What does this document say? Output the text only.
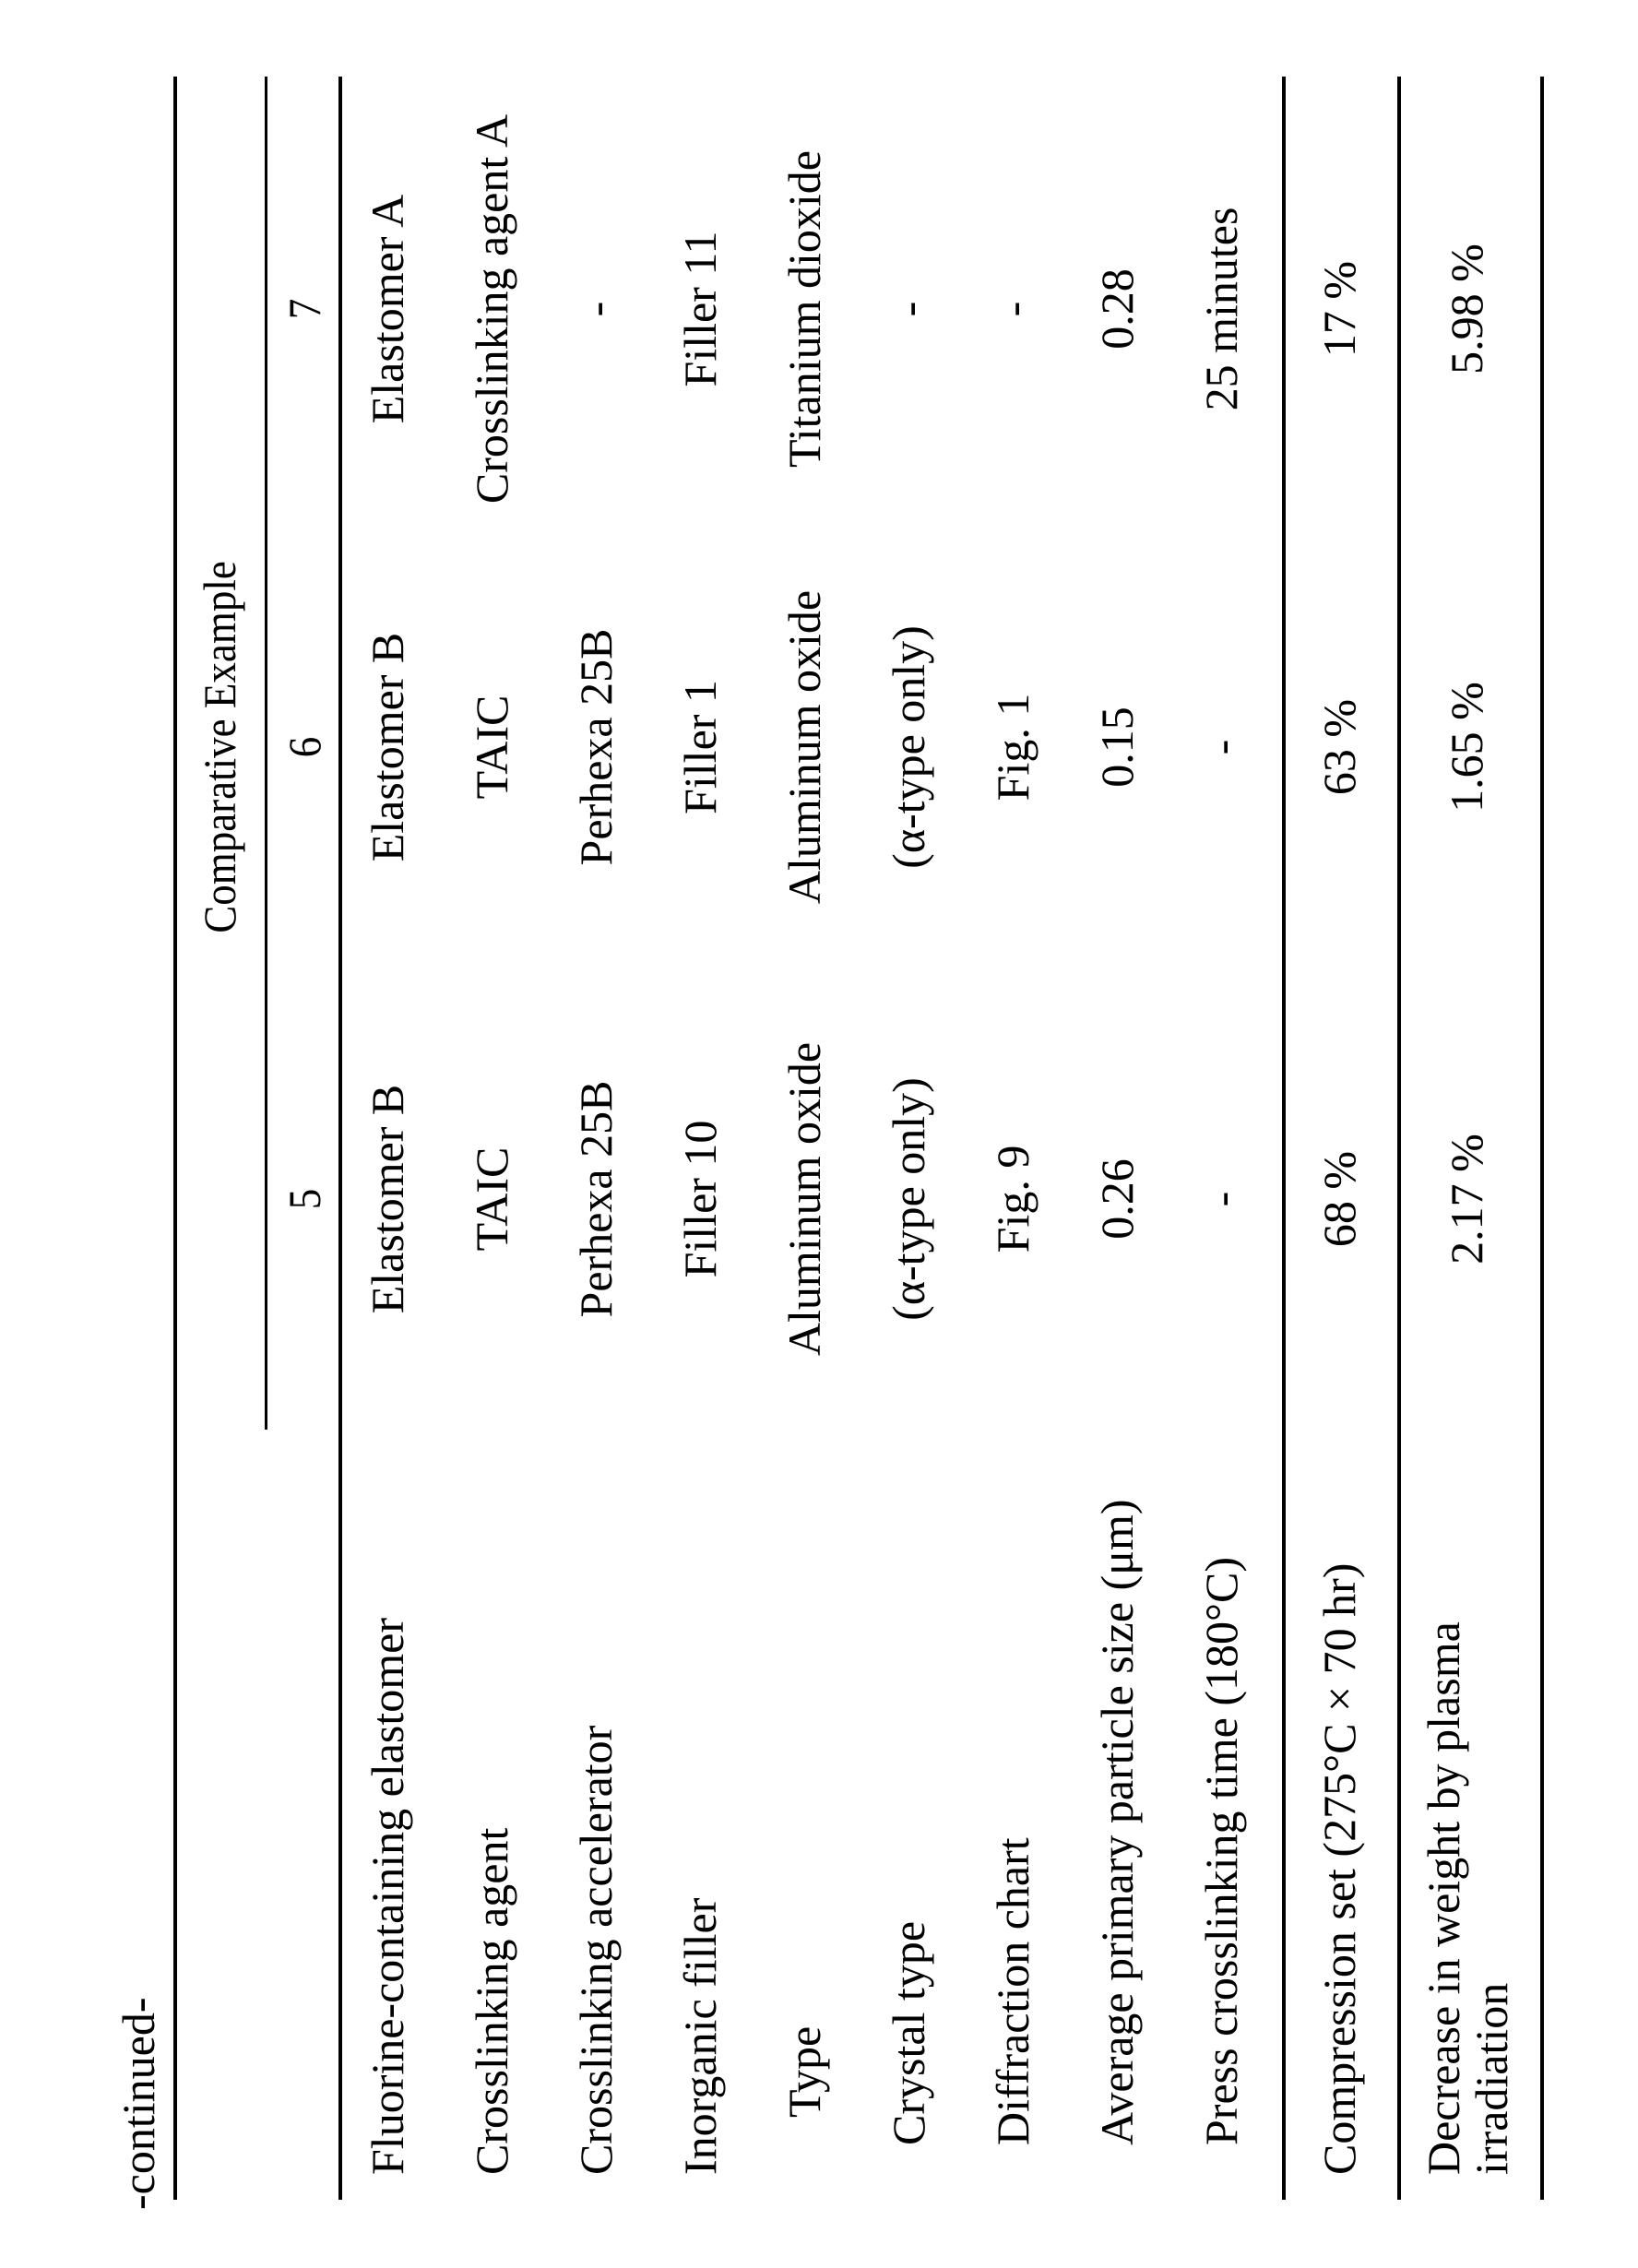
-continued-
Comparative Example
5
6
7
Fluorine-containing elastomer
Elastomer B
Elastomer B
Elastomer A
Crosslinking agent
TAIC
TAIC
Crosslinking agent A
Crosslinking accelerator
Perhexa 25B
Perhexa 25B
-
Inorganic filler
Filler 10
Filler 1
Filler 11
Type
Aluminum oxide
Aluminum oxide
Titanium dioxide
Crystal type
(α-type only)
(α-type only)
-
Diffraction chart
Fig. 9
Fig. 1
-
Average primary particle size (μm)
0.26
0.15
0.28
Press crosslinking time (180°C)
-
-
25 minutes
Compression set (275°C × 70 hr)
68 %
63 %
17 %
Decrease in weight by plasma
irradiation
2.17 %
1.65 %
5.98 %
